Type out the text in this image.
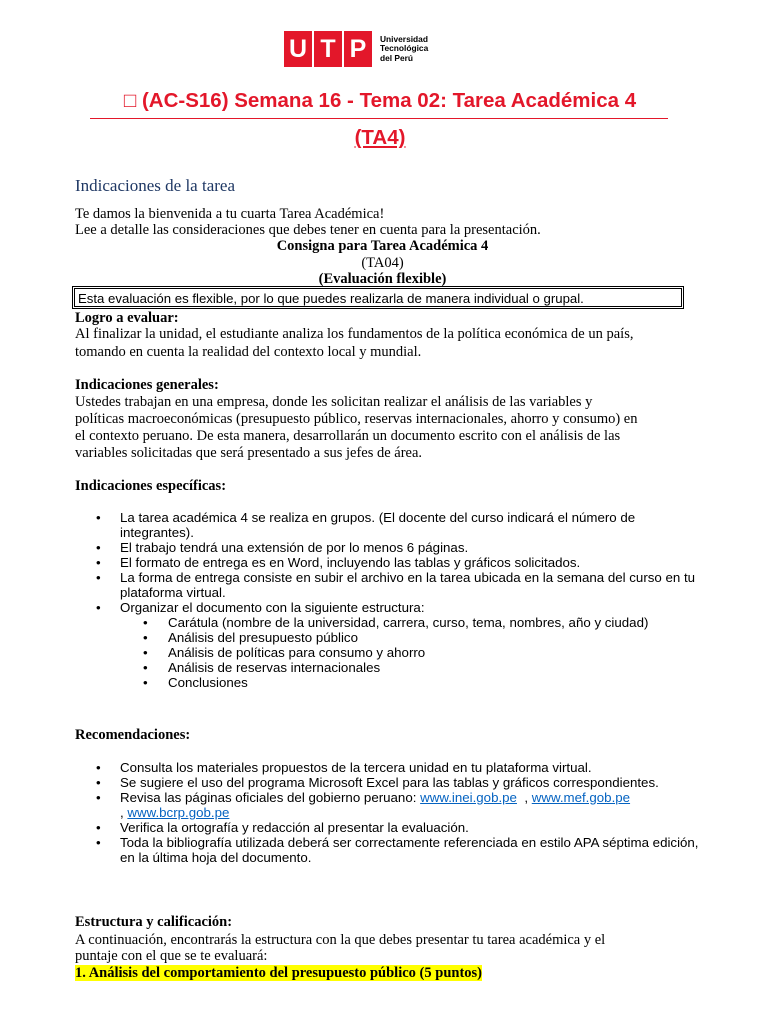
U T P	Universidad
Tecnológica
del Perú
□ (AC-S16) Semana 16 - Tema 02: Tarea Académica 4
(TA4)
Indicaciones de la tarea
Te damos la bienvenida a tu cuarta Tarea Académica!
Lee a detalle las consideraciones que debes tener en cuenta para la presentación.
Consigna para Tarea Académica 4
(TA04)
(Evaluación flexible)
Esta evaluación es flexible, por lo que puedes realizarla de manera individual o grupal.
Logro a evaluar:
Al finalizar la unidad, el estudiante analiza los fundamentos de la política económica de un país,
tomando en cuenta la realidad del contexto local y mundial.
Indicaciones generales:
Ustedes trabajan en una empresa, donde les solicitan realizar el análisis de las variables y
políticas macroeconómicas (presupuesto público, reservas internacionales, ahorro y consumo) en
el contexto peruano. De esta manera, desarrollarán un documento escrito con el análisis de las
variables solicitadas que será presentado a sus jefes de área.
Indicaciones específicas:
• La tarea académica 4 se realiza en grupos. (El docente del curso indicará el número de integrantes).
• El trabajo tendrá una extensión de por lo menos 6 páginas.
• El formato de entrega es en Word, incluyendo las tablas y gráficos solicitados.
• La forma de entrega consiste en subir el archivo en la tarea ubicada en la semana del curso en tu plataforma virtual.
• Organizar el documento con la siguiente estructura:
• Carátula (nombre de la universidad, carrera, curso, tema, nombres, año y ciudad)
• Análisis del presupuesto público
• Análisis de políticas para consumo y ahorro
• Análisis de reservas internacionales
• Conclusiones
Recomendaciones:
• Consulta los materiales propuestos de la tercera unidad en tu plataforma virtual.
• Se sugiere el uso del programa Microsoft Excel para las tablas y gráficos correspondientes.
• Revisa las páginas oficiales del gobierno peruano: www.inei.gob.pe  , www.mef.gob.pe
, www.bcrp.gob.pe
• Verifica la ortografía y redacción al presentar la evaluación.
• Toda la bibliografía utilizada deberá ser correctamente referenciada en estilo APA séptima edición, en la última hoja del documento.
Estructura y calificación:
A continuación, encontrarás la estructura con la que debes presentar tu tarea académica y el
puntaje con el que se te evaluará:
1. Análisis del comportamiento del presupuesto público (5 puntos)
